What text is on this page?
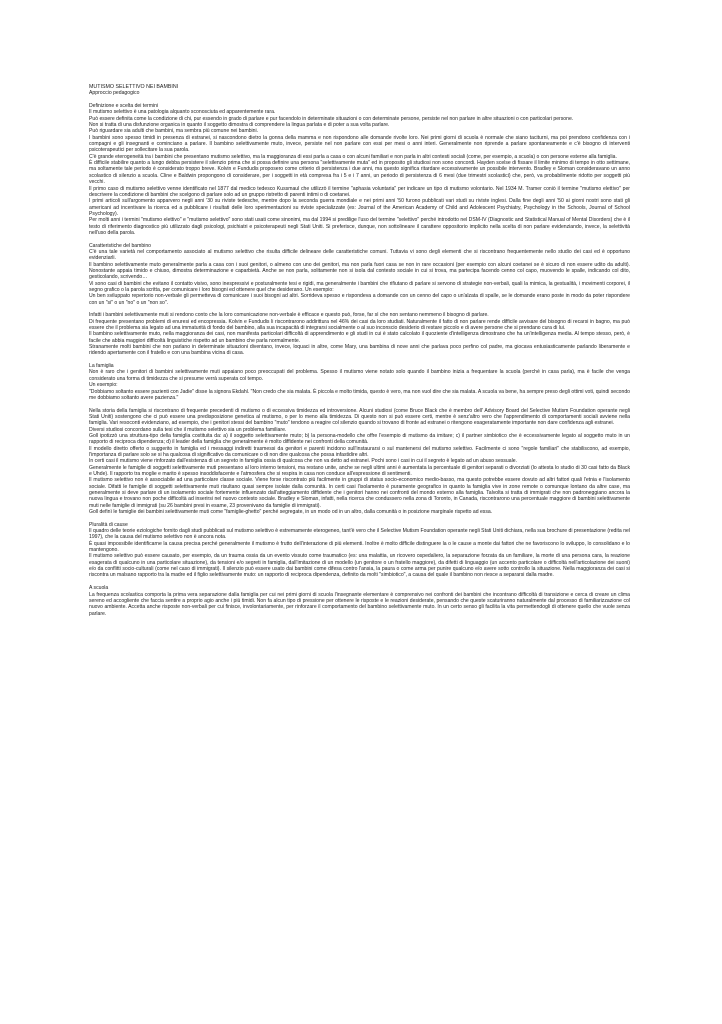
MUTISMO SELETTIVO NEI BAMBINI

Approccio pedagogico

Definizione e scelta dei termini

Il mutismo selettivo è una patologia alquanto sconosciuta ed apparentemente rara.

Può essere definita come la condizione di chi, pur essendo in grado di parlare e pur facendolo in determinate situazioni o con determinate persone, persiste nel non parlare in altre situazioni o con particolari persone.

Non si tratta di una disfunzione organica in quanto il soggetto dimostra di comprendere la lingua parlata e di poter a sua volta parlare.

Può riguardare sia adulti che bambini, ma sembra più comune nei bambini.

I bambini sono spesso timidi in presenza di estranei, si nascondono dietro la gonna della mamma e non rispondono alle domande rivolte loro. Nei primi giorni di scuola è normale che siano taciturni, ma poi prendono confidenza con i compagni e gli insegnanti e cominciano a parlare. Il bambino selettivamente muto, invece, persiste nel non parlare con essi per mesi o anni interi. Generalmente non riprende a parlare spontaneamente e c'è bisogno di interventi psicoterapeutici per sollecitare la sua parola.

C'è grande eterogeneità tra i bambini che presentano mutismo selettivo, ma la maggioranza di essi parla a casa o con alcuni familiari e non parla in altri contesti sociali (come, per esempio, a scuola) o con persone esterne alla famiglia.

È difficile stabilire quanto a lungo debba persistere il silenzio prima che si possa definire una persona "selettivamente muta" ed in proposito gli studiosi non sono concordi. Hayden scelse di fissare il limite minimo di tempo in otto settimane, ma soltamente tale periodo è considerato troppo breve. Kolvin e Fundudis proposero come criterio di persistenza i due anni, ma questo significa ritardare eccessivamente un possibile intervento. Bradley e Sloman consideravano un anno scolastico di silenzio a scuola. Cline e Baldwin propongono di considerare, per i soggetti in età compresa fra i 5 e i 7 anni, un periodo di persistenza di 6 mesi (due trimestri scolastici) che, però, va probabilmente ridotto per soggetti più vecchi.

Il primo caso di mutismo selettivo venne identificato nel 1877 dal medico tedesco Kussmaul che utilizzò il termine "aphasia voluntaria" per indicare un tipo di mutismo volontario. Nel 1934 M. Tramer coniò il termine "mutismo elettivo" per descrivere la condizione di bambini che scelgono di parlare solo ad un gruppo ristretto di parenti intimi o di coetanei.

I primi articoli sull'argomento apparvero negli anni '30 su riviste tedesche, mentre dopo la seconda guerra mondiale e nei primi anni '50 furono pubblicati vari studi su riviste inglesi. Dalla fine degli anni '50 ai giorni nostri sono stati gli americani ad incentivare la ricerca ed a pubblicare i risultati delle loro sperimentazioni su riviste specializzate (es: Journal of the American Academy of Child and Adolescent Psychiatry, Psychology in the Schools, Journal of School Psychology).

Per molti anni i termini "mutismo elettivo" e "mutismo selettivo" sono stati usati come sinonimi, ma dal 1994 si predilige l'uso del termine "selettivo" perché introdotto nel DSM-IV (Diagnostic and Statistical Manual of Mental Disorders) che è il testo di riferimento diagnostico più utilizzato dagli psicologi, psichiatri e psicoterapeuti negli Stati Uniti. Si preferisce, dunque, non sottolineare il carattere oppositorio implicito nella scelta di non parlare evidenziando, invece, la selettività nell'uso della parola.

Caratteristiche del bambino

C'è una tale varietà nel comportamento associato al mutismo selettivo che risulta difficile delineare delle caratteristiche comuni. Tuttavia vi sono degli elementi che si riscontrano frequentemente nello studio dei casi ed è opportuno evidenziarli.

Il bambino selettivamente muto generalmente parla a casa con i suoi genitori, o almeno con uno dei genitori, ma non parla fuori casa se non in rare occasioni (per esempio con alcuni coetanei se è sicuro di non essere udito da adulti). Nonostante appaia timido e chiuso, dimostra determinazione e caparbietà. Anche se non parla, solitamente non si isola dal contesto sociale in cui si trova, ma partecipa facendo cenno col capo, muovendo le spalle, indicando col dito, gesticolando, scrivendo…

Vi sono casi di bambini che evitano il contatto visivo, sono inespressivi e posturalmente tesi e rigidi, ma generalmente i bambini che rifiutano di parlare si servono di strategie non-verbali, quali la mimica, la gestualità, i movimenti corporei, il segno grafico o la parola scritta, per comunicare i loro bisogni ed ottenere quel che desiderano. Un esempio:

Un ben sviluppato repertorio non-verbale gli permetteva di comunicare i suoi bisogni ad altri. Sorrideva spesso e rispondeva a domande con un cenno del capo o un'alzata di spalle, se le domande erano poste in modo da poter rispondere con un "si" o un "no" o un "non so".

Infatti i bambini selettivamente muti si rendono conto che la loro comunicazione non-verbale è efficace e questo può, forse, far sì che non sentano nemmeno il bisogno di parlare.

Di frequente presentano problemi di enuresi ed encopressia. Kolvin e Fundudis li riscontrarono addirittura nel 46% dei casi da loro studiati. Naturalmente il fatto di non parlare rende difficile avvisare del bisogno di recarsi in bagno, ma può essere che il problema sia legato ad una immaturità di fondo del bambino, alla sua incapacità di integrarsi socialmente o al suo inconscio desiderio di restare piccolo e di avere persone che si prendano cura di lui.

Il bambino selettivamente muto, nella maggioranza dei casi, non manifesta particolari difficoltà di apprendimento e gli studi in cui è stato calcolato il quoziente d'intelligenza dimostrano che ha un'intelligenza media. Al tempo stesso, però, è facile che abbia maggiori difficoltà linguistiche rispetto ad un bambino che parla normalmente.

Stranamente molti bambini che non parlano in determinate situazioni diventano, invece, loquaci in altre, come Mary, una bambina di nove anni che parlava poco perfino col padre, ma giocava entusiasticamente parlando liberamente e ridendo apertamente con il fratello e con una bambina vicina di casa.

La famiglia

Non è raro che i genitori di bambini selettivamente muti appaiano poco preoccupati del problema. Spesso il mutismo viene notato solo quando il bambino inizia a frequentare la scuola (perché in casa parla), ma è facile che venga considerato una forma di timidezza che si presume verrà superata col tempo.

Un esempio:

"Dobbiamo soltanto essere pazienti con Jadie" disse la signora Ekdahl. "Non credo che sia malata. È piccola e molto timida, questo è vero, ma non vuol dire che sia malata. A scuola va bene, ha sempre preso degli ottimi voti, quindi secondo me dobbiamo soltanto avere pazienza."

Nella storia della famiglia si riscontrano di frequente precedenti di mutismo o di eccessiva timidezza ed introversione. Alcuni studiosi (come Bruce Black che è membro dell' Advisory Board del Selective Mutism Foundation operante negli Stati Uniti) sostengono che ci può essere una predisposizione genetica al mutismo, o per lo meno alla timidezza. Di questo non si può essere certi, mentre è senz'altro vero che l'apprendimento di comportamenti sociali avviene nella famiglia. Vari resoconti evidenziano, ad esempio, che i genitori stessi del bambino "muto" tendono a reagire col silenzio quando si trovano di fronte ad estranei o ritengono esageratamente importante non dare confidenza agli estranei.

Diversi studiosi concordano sulla tesi che il mutismo selettivo sia un problema familiare.

Goll ipotizzò una struttura-tipo della famiglia costituita da: a) il soggetto selettivamente muto; b) la persona-modello che offre l'esempio di mutismo da imitare; c) il partner simbiotico che è eccessivamente legato al soggetto muto in un rapporto di reciproca dipendenza; d) il leader della famiglia che generalmente è molto diffidente nei confronti della comunità.

Il modello diretto offerto o suggerito in famiglia ed i messaggi indiretti trasmessi da genitori e parenti incidono sull'instaurarsi o sul mantenersi del mutismo selettivo. Facilmente ci sono "regole familiari" che stabiliscono, ad esempio, l'importanza di parlare solo se si ha qualcosa di significativo da comunicare o di non dire qualcosa che possa infastidire altri.

In certi casi il mutismo viene rinforzato dall'esistenza di un segreto in famiglia ossia di qualcosa che non va detto ad estranei. Pochi sono i casi in cui il segreto è legato ad un abuso sessuale.

Generalmente le famiglie di soggetti selettivamente muti presentano al loro interno tensioni, ma restano unite, anche se negli ultimi anni è aumentata la percentuale di genitori separati o divorziati (lo attesta lo studio di 30 casi fatto da Black e Uhde). Il rapporto tra moglie e marito è spesso insoddisfacente e l'atmosfera che si respira in casa non conduce all'espressione di sentimenti.

Il mutismo selettivo non è associabile ad una particolare classe sociale. Viene forse riscontrato più facilmente in gruppi di status socio-economico medio-basso, ma questo potrebbe essere dovuto ad altri fattori quali l'etnia e l'isolamento sociale. Difatti le famiglie di soggetti selettivamente muti risultano quasi sempre isolate dalla comunità. In certi casi l'isolamento è puramente geografico in quanto la famiglia vive in zone remote o comunque lontano da altre case, ma generalmente si deve parlare di un isolamento sociale fortemente influenzato dall'atteggiamento diffidente che i genitori hanno nei confronti del mondo esterno alla famiglia. Talvolta si tratta di immigrati che non padroneggiano ancora la nuova lingua e trovano non poche difficoltà ad inserirsi nel nuovo contesto sociale. Bradley e Sloman, infatti, nella ricerca che condussero nella zona di Toronto, in Canada, riscontrarono una percentuale maggiore di bambini selettivamente muti nelle famiglie di immigrati (su 26 bambini presi in esame, 23 provenivano da famiglie di immigrati).

Goll definì le famiglie dei bambini selettivamente muti come "famiglie-ghetto" perché segregate, in un modo od in un altro, dalla comunità o in posizione marginale rispetto ad essa.

Pluralità di cause

Il quadro delle teorie eziologiche fornito dagli studi pubblicati sul mutismo selettivo è estremamente eterogeneo, tant'è vero che il Selective Mutism Foundation operante negli Stati Uniti dichiara, nella sua brochure di presentazione (redita nel 1997), che la causa del mutismo selettivo non è ancora nota.

È quasi impossibile identificarne la causa precisa perché generalmente il mutismo è frutto dell'interazione di più elementi. Inoltre è molto difficile distinguere la o le cause a monte dai fattori che ne favoriscono lo sviluppo, lo consolidano e lo mantengono.

Il mutismo selettivo può essere causato, per esempio, da un trauma ossia da un evento vissuto come traumatico (es: una malattia, un ricovero ospedaliero, la separazione forzata da un familiare, la morte di una persona cara, la reazione esagerata di qualcuno in una particolare situazione), da tensioni e/o segreti in famiglia, dall'imitazione di un modello (un genitore o un fratello maggiore), da difetti di linguaggio (un accento particolare o difficoltà nell'articolazione dei suoni) e/o da conflitti socio-culturali (come nel caso di immigrati). Il silenzio può essere usato dai bambini come difesa contro l'ansia, la paura o come arma per punire qualcuno e/o avere sotto controllo la situazione. Nella maggioranza dei casi si riscontra un malsano rapporto tra la madre ed il figlio selettivamente muto: un rapporto di reciproca dipendenza, definito da molti "simbiotico", a causa del quale il bambino non riesce a separarsi dalla madre.

A scuola

La frequenza scolastica comporta la prima vera separazione dalla famiglia per cui nei primi giorni di scuola l'insegnante elementare è comprensivo nei confronti dei bambini che incontrano difficoltà di transizione e cerca di creare un clima sereno ed accogliente che faccia sentire a proprio agio anche i più timidi. Non fa alcun tipo di pressione per ottenere le risposte e le reazioni desiderate, pensando che queste scaturiranno naturalmente dal processo di familiarizzazione col nuovo ambiente. Accetta anche risposte non-verbali per cui finisce, involontariamente, per rinforzare il comportamento del bambino selettivamente muto. In un certo senso gli facilita la vita permettendogli di ottenere quello che vuole senza parlare.
